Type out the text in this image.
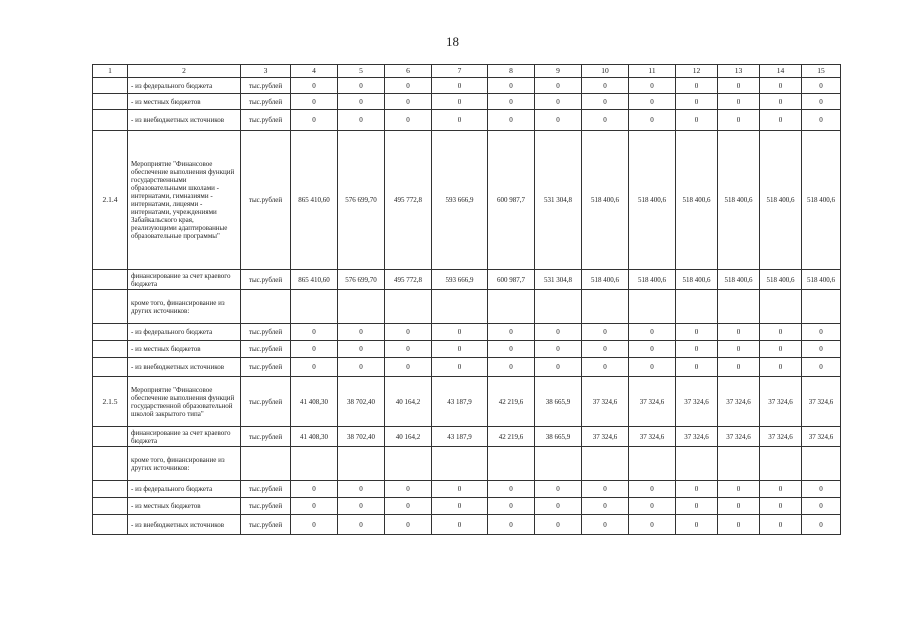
18
1	2	3	4	5	6	7	8	9	10	11	12	13	14	15
	- из федерального бюджета	тыс.рублей	0	0	0	0	0	0	0	0	0	0	0	0
	- из местных бюджетов	тыс.рублей	0	0	0	0	0	0	0	0	0	0	0	0
	- из внебюджетных источников	тыс.рублей	0	0	0	0	0	0	0	0	0	0	0	0
2.1.4	Мероприятие "Финансовое обеспечение выполнения функций государственными образовательными школами - интернатами, гимназиями - интернатами, лицеями - интернатами, учреждениями Забайкальского края, реализующими адаптированные образовательные программы"	тыс.рублей	865 410,60	576 699,70	495 772,8	593 666,9	600 987,7	531 304,8	518 400,6	518 400,6	518 400,6	518 400,6	518 400,6	518 400,6
	финансирование за счет краевого бюджета	тыс.рублей	865 410,60	576 699,70	495 772,8	593 666,9	600 987,7	531 304,8	518 400,6	518 400,6	518 400,6	518 400,6	518 400,6	518 400,6
	кроме того, финансирование из других источников:													
	- из федерального бюджета	тыс.рублей	0	0	0	0	0	0	0	0	0	0	0	0
	- из местных бюджетов	тыс.рублей	0	0	0	0	0	0	0	0	0	0	0	0
	- из внебюджетных источников	тыс.рублей	0	0	0	0	0	0	0	0	0	0	0	0
2.1.5	Мероприятие "Финансовое обеспечение выполнения функций государственной образовательной школой закрытого типа"	тыс.рублей	41 408,30	38 702,40	40 164,2	43 187,9	42 219,6	38 665,9	37 324,6	37 324,6	37 324,6	37 324,6	37 324,6	37 324,6
	финансирование за счет краевого бюджета	тыс.рублей	41 408,30	38 702,40	40 164,2	43 187,9	42 219,6	38 665,9	37 324,6	37 324,6	37 324,6	37 324,6	37 324,6	37 324,6
	кроме того, финансирование из других источников:													
	- из федерального бюджета	тыс.рублей	0	0	0	0	0	0	0	0	0	0	0	0
	- из местных бюджетов	тыс.рублей	0	0	0	0	0	0	0	0	0	0	0	0
	- из внебюджетных источников	тыс.рублей	0	0	0	0	0	0	0	0	0	0	0	0
